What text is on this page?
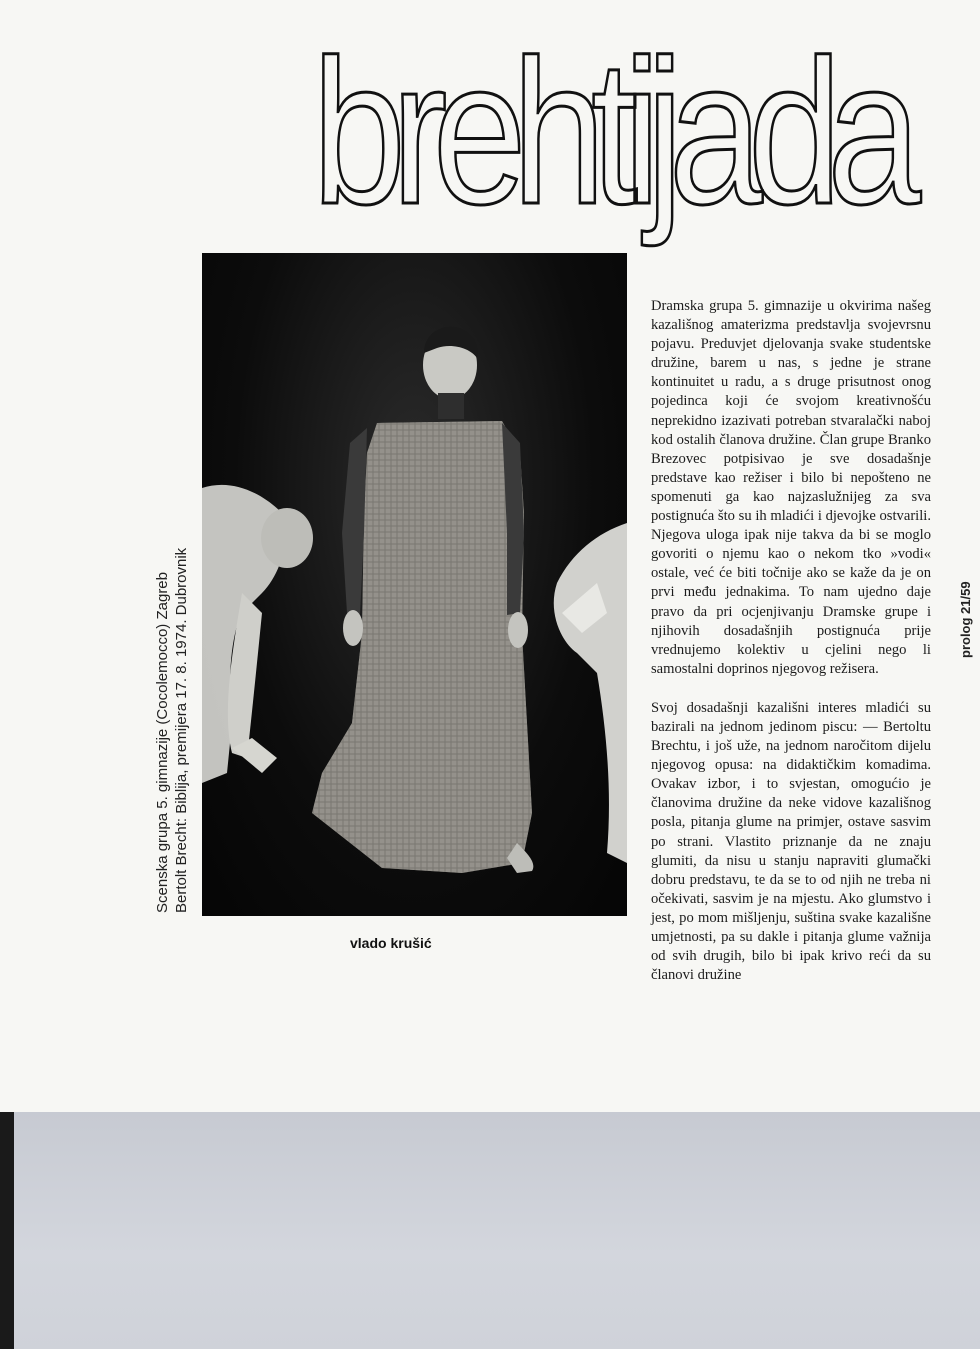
brehtijada
Scenska grupa 5. gimnazije (Cocolemocco) Zagreb Bertolt Brecht: Biblija, premijera 17. 8. 1974. Dubrovnik
vlado krušić

Dramska grupa 5. gimnazije u okvirima našeg kazališnog amaterizma predstavlja svojevrsnu pojavu. Preduvjet djelovanja svake studentske družine, barem u nas, s jedne je strane kontinuitet u radu, a s druge prisutnost onog pojedinca koji će svojom kreativnošću neprekidno izazivati potreban stvaralački naboj kod ostalih članova družine. Član grupe Branko Brezovec potpisivao je sve dosadašnje predstave kao režiser i bilo bi nepošteno ne spomenuti ga kao najzaslužnijeg za sva postignuća što su ih mladići i djevojke ostvarili. Njegova uloga ipak nije takva da bi se moglo govoriti o njemu kao o nekom tko »vodi« ostale, već će biti točnije ako se kaže da je on prvi među jednakima. To nam ujedno daje pravo da pri ocjenjivanju Dramske grupe i njihovih dosadašnjih postignuća prije vrednujemo kolektiv u cjelini nego li samostalni doprinos njegovog režisera.

Svoj dosadašnji kazališni interes mladići su bazirali na jednom jedinom piscu: — Bertoltu Brechtu, i još uže, na jednom naročitom dijelu njegovog opusa: na didaktičkim komadima. Ovakav izbor, i to svjestan, omogućio je članovima družine da neke vidove kazališnog posla, pitanja glume na primjer, ostave sasvim po strani. Vlastito priznanje da ne znaju glumiti, da nisu u stanju napraviti glumački dobru predstavu, te da se to od njih ne treba ni očekivati, sasvim je na mjestu. Ako glumstvo i jest, po mom mišljenju, suština svake kazališne umjetnosti, pa su dakle i pitanja glume važnija od svih drugih, bilo bi ipak krivo reći da su članovi družine

prolog 21/59
